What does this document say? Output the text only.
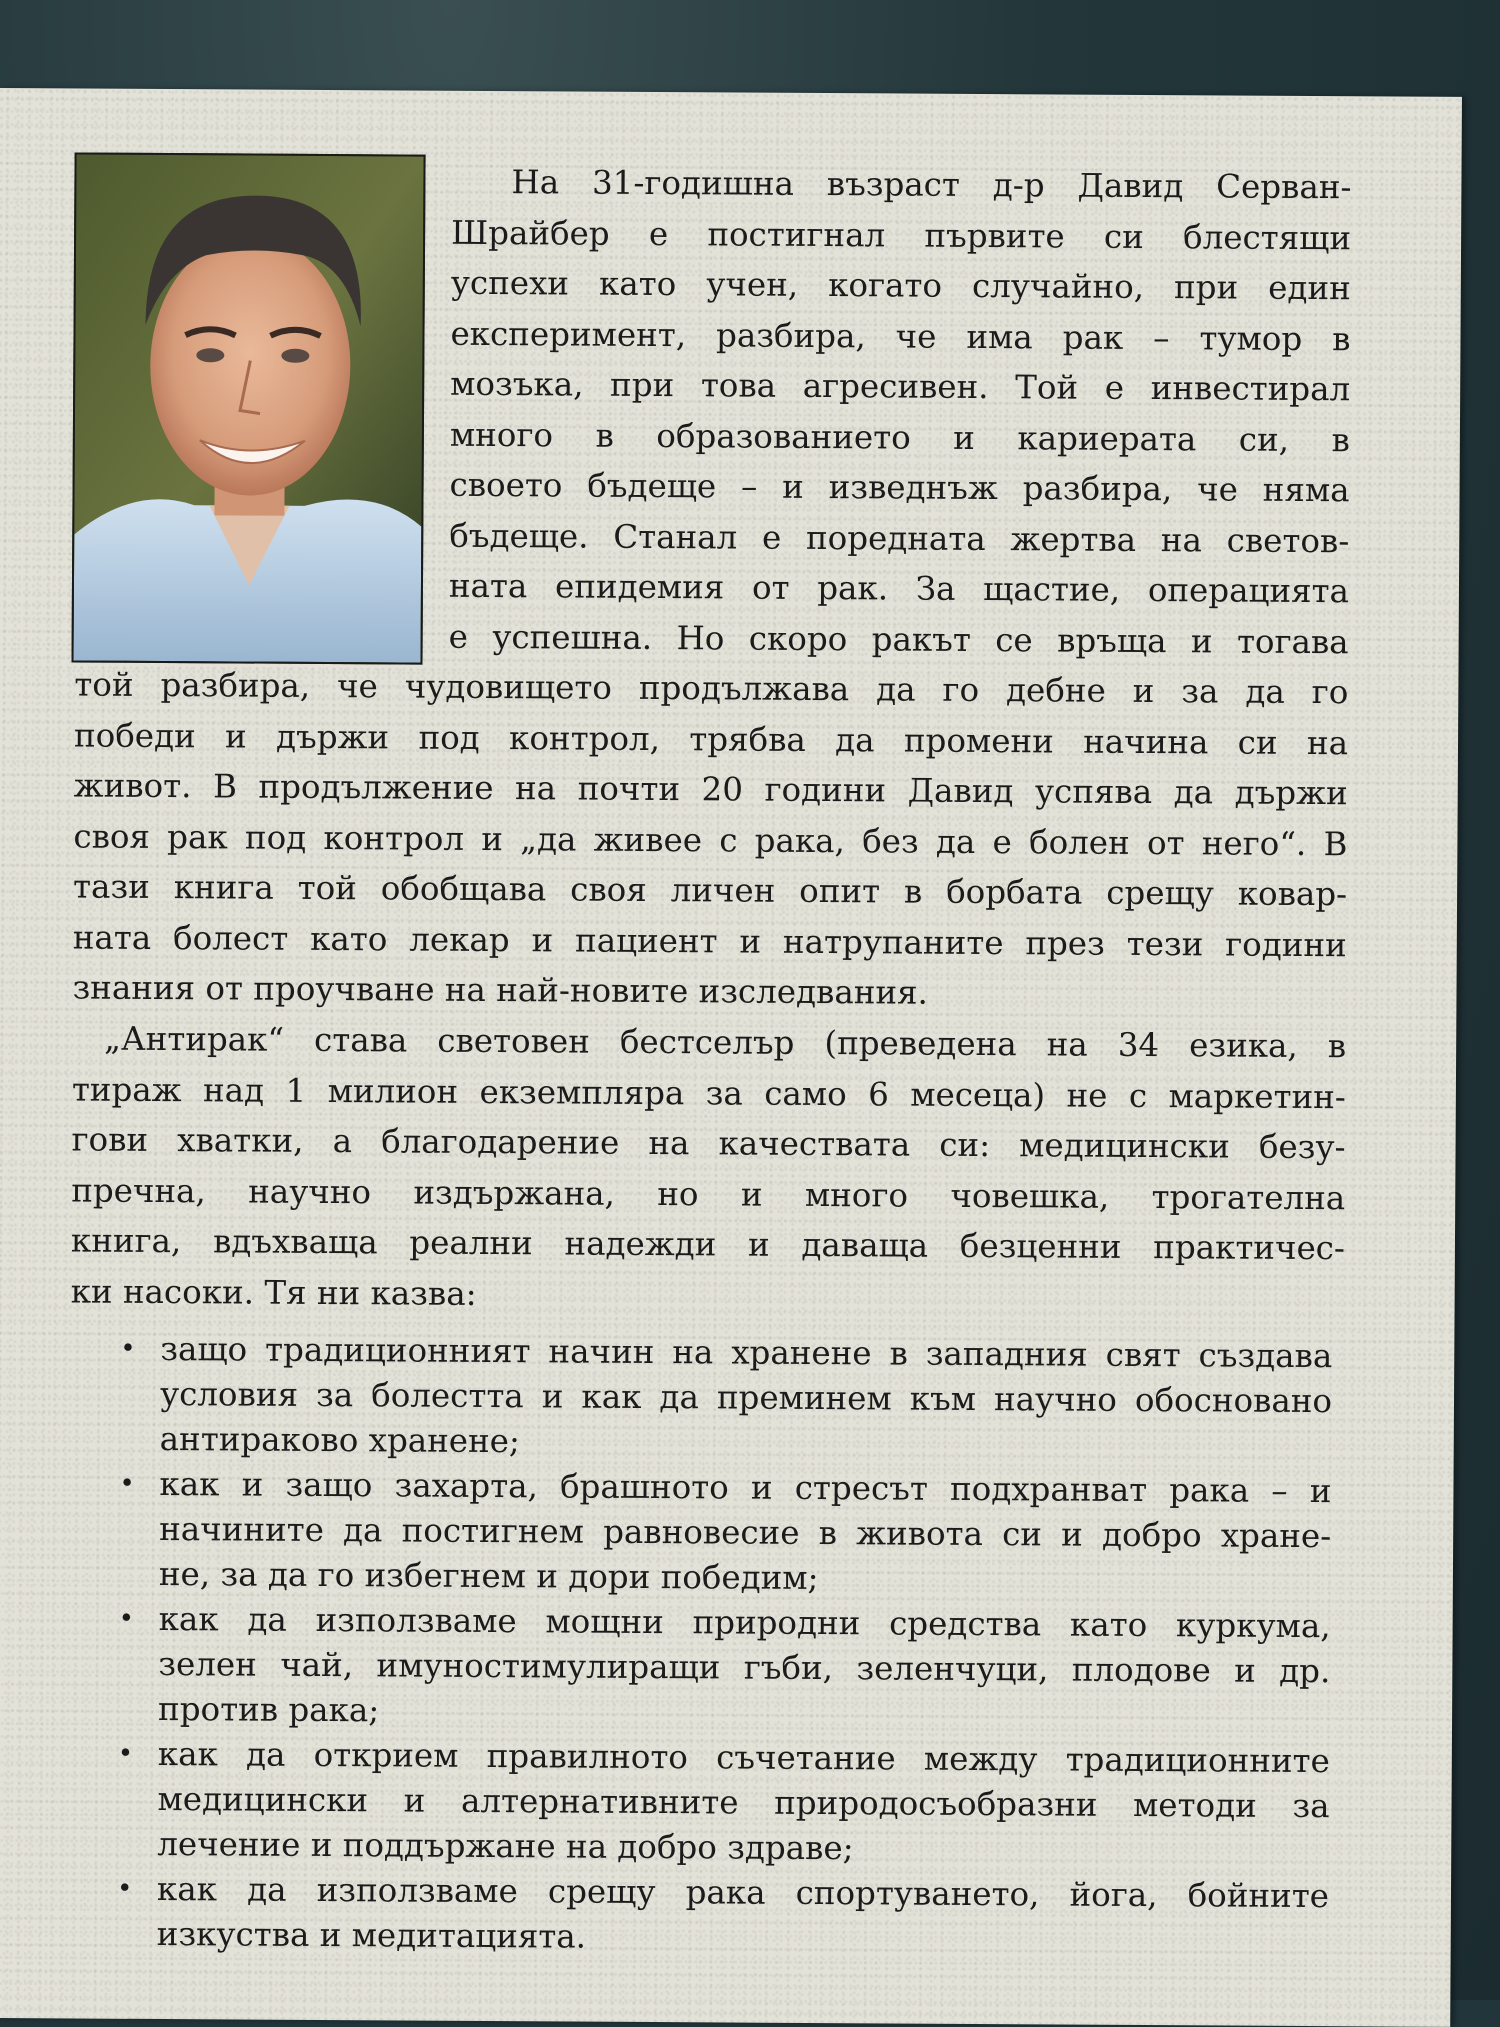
На 31-годишна възраст д-р Давид Серван-
Шрайбер е постигнал първите си блестящи
успехи като учен, когато случайно, при един
експеримент, разбира, че има рак – тумор в
мозъка, при това агресивен. Той е инвестирал
много в образованието и кариерата си, в
своето бъдеще – и изведнъж разбира, че няма
бъдеще. Станал е поредната жертва на светов-
ната епидемия от рак. За щастие, операцията
е успешна. Но скоро ракът се връща и тогава
той разбира, че чудовището продължава да го дебне и за да го
победи и държи под контрол, трябва да промени начина си на
живот. В продължение на почти 20 години Давид успява да държи
своя рак под контрол и „да живее с рака, без да е болен от него“. В
тази книга той обобщава своя личен опит в борбата срещу ковар-
ната болест като лекар и пациент и натрупаните през тези години
знания от проучване на най-новите изследвания.
„Антирак“ става световен бестселър (преведена на 34 езика, в
тираж над 1 милион екземпляра за само 6 месеца) не с маркетин-
гови хватки, а благодарение на качествата си: медицински безу-
пречна, научно издържана, но и много човешка, трогателна
книга, вдъхваща реални надежди и даваща безценни практичес-
ки насоки. Тя ни казва:
• защо традиционният начин на хранене в западния свят създава
условия за болестта и как да преминем към научно обосновано
антираково хранене;
• как и защо захарта, брашното и стресът подхранват рака – и
начините да постигнем равновесие в живота си и добро хране-
не, за да го избегнем и дори победим;
• как да използваме мощни природни средства като куркума,
зелен чай, имуностимулиращи гъби, зеленчуци, плодове и др.
против рака;
• как да открием правилното съчетание между традиционните
медицински и алтернативните природосъобразни методи за
лечение и поддържане на добро здраве;
• как да използваме срещу рака спортуването, йога, бойните
изкуства и медитацията.
